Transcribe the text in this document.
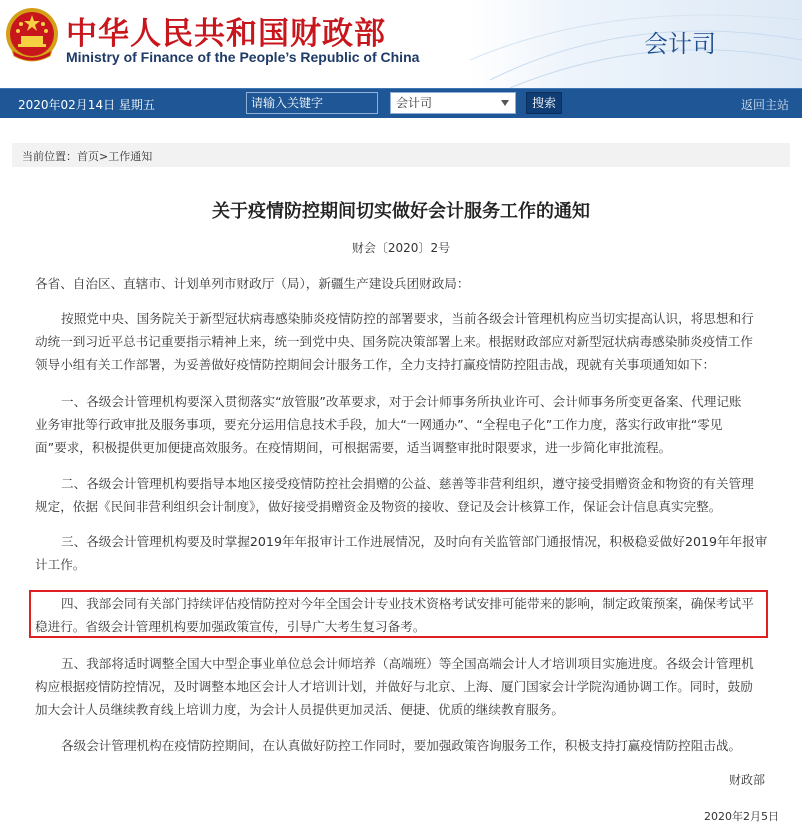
中华人民共和国财政部
Ministry of Finance of the People’s Republic of China	会计司
2020年02月14日 星期五	请输入关键字	会计司	搜索	返回主站
当前位置：首页>工作通知
关于疫情防控期间切实做好会计服务工作的通知
财会〔2020〕2号
各省、自治区、直辖市、计划单列市财政厅（局），新疆生产建设兵团财政局：
按照党中央、国务院关于新型冠状病毒感染肺炎疫情防控的部署要求，当前各级会计管理机构应当切实提高认识，将思想和行
动统一到习近平总书记重要指示精神上来，统一到党中央、国务院决策部署上来。根据财政部应对新型冠状病毒感染肺炎疫情工作
领导小组有关工作部署，为妥善做好疫情防控期间会计服务工作，全力支持打赢疫情防控阻击战，现就有关事项通知如下：
一、各级会计管理机构要深入贯彻落实“放管服”改革要求，对于会计师事务所执业许可、会计师事务所变更备案、代理记账
业务审批等行政审批及服务事项，要充分运用信息技术手段，加大“一网通办”、“全程电子化”工作力度，落实行政审批“零见
面”要求，积极提供更加便捷高效服务。在疫情期间，可根据需要，适当调整审批时限要求，进一步简化审批流程。
二、各级会计管理机构要指导本地区接受疫情防控社会捐赠的公益、慈善等非营利组织，遵守接受捐赠资金和物资的有关管理
规定，依据《民间非营利组织会计制度》，做好接受捐赠资金及物资的接收、登记及会计核算工作，保证会计信息真实完整。
三、各级会计管理机构要及时掌握2019年年报审计工作进展情况，及时向有关监管部门通报情况，积极稳妥做好2019年年报审
计工作。
四、我部会同有关部门持续评估疫情防控对今年全国会计专业技术资格考试安排可能带来的影响，制定政策预案，确保考试平
稳进行。省级会计管理机构要加强政策宣传，引导广大考生复习备考。
五、我部将适时调整全国大中型企事业单位总会计师培养（高端班）等全国高端会计人才培训项目实施进度。各级会计管理机
构应根据疫情防控情况，及时调整本地区会计人才培训计划，并做好与北京、上海、厦门国家会计学院沟通协调工作。同时，鼓励
加大会计人员继续教育线上培训力度，为会计人员提供更加灵活、便捷、优质的继续教育服务。
各级会计管理机构在疫情防控期间，在认真做好防控工作同时，要加强政策咨询服务工作，积极支持打赢疫情防控阻击战。
财政部
2020年2月5日
